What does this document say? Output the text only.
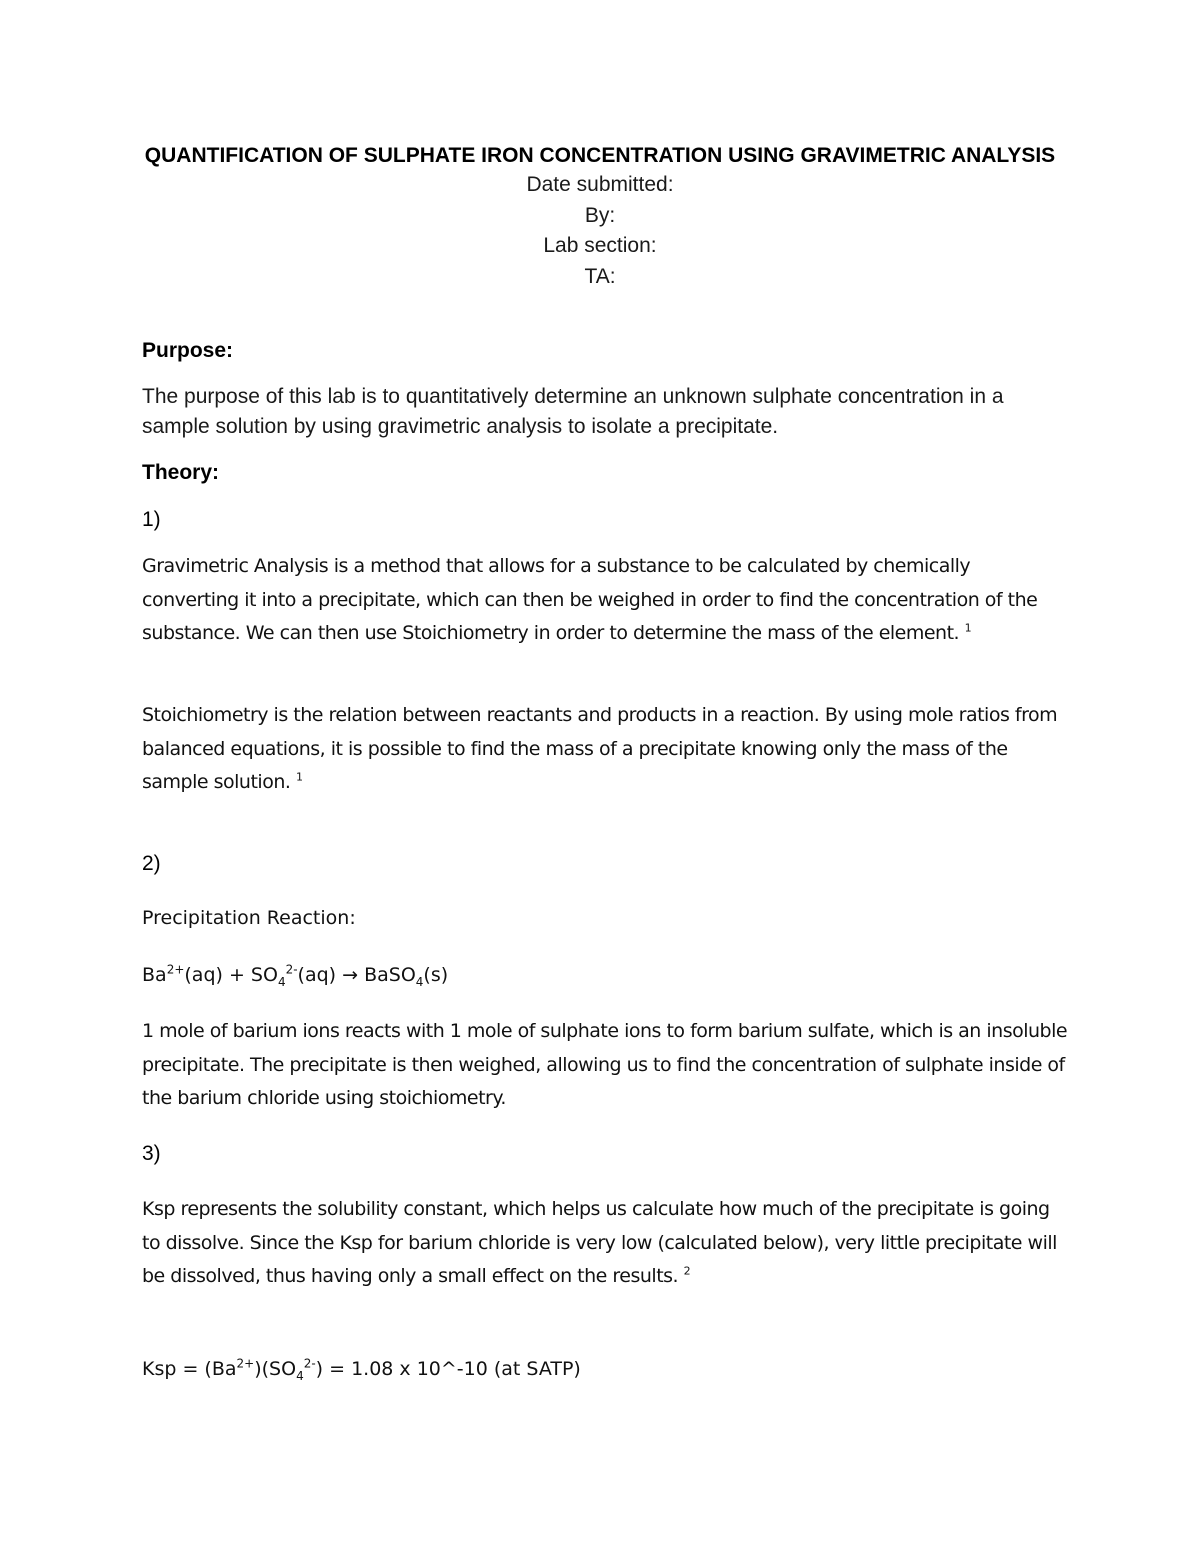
QUANTIFICATION OF SULPHATE IRON CONCENTRATION USING GRAVIMETRIC ANALYSIS

Date submitted:

By:

Lab section:

TA:

Purpose:

The purpose of this lab is to quantitatively determine an unknown sulphate concentration in a sample solution by using gravimetric analysis to isolate a precipitate.

Theory:

1)

Gravimetric Analysis is a method that allows for a substance to be calculated by chemically converting it into a precipitate, which can then be weighed in order to find the concentration of the substance. We can then use Stoichiometry in order to determine the mass of the element. $^1$

Stoichiometry is the relation between reactants and products in a reaction. By using mole ratios from balanced equations, it is possible to find the mass of a precipitate knowing only the mass of the sample solution. $^1$

2)

Precipitation Reaction:

$Ba^{2+}(aq) + SO_4^{2-}(aq)$ → BaSO$_4$(s)

1 mole of barium ions reacts with 1 mole of sulphate ions to form barium sulfate, which is an insoluble precipitate. The precipitate is then weighed, allowing us to find the concentration of sulphate inside of the barium chloride using stoichiometry.

3)

Ksp represents the solubility constant, which helps us calculate how much of the precipitate is going to dissolve. Since the Ksp for barium chloride is very low (calculated below), very little precipitate will be dissolved, thus having only a small effect on the results. $^2$

Ksp = $(Ba^{2+})(SO_4^{2-}) = 1.08$ x 10^-10 (at SATP)
